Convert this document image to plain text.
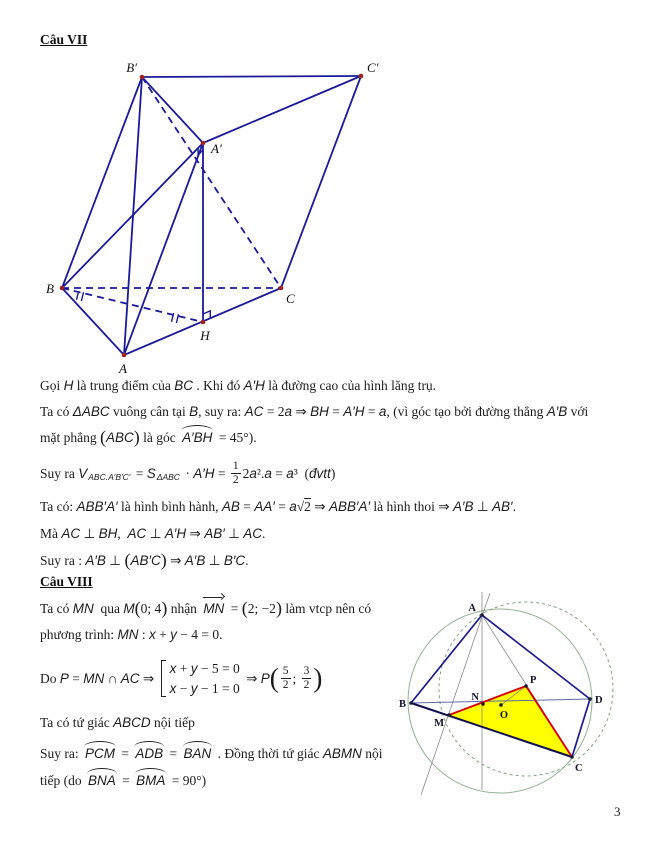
Câu VII
B′	C′
A′
B
C
H
A
Gọi H là trung điểm của BC . Khi đó A′H là đường cao của hình lăng trụ.
Ta có ΔABC vuông cân tại B , suy ra: AC = 2 a ⇒ BH = A′H = a , (vì góc tạo bởi đường thẳng A′B với
mặt phẳng ( ABC ) là góc A′BH = 45°).
Suy ra V ABC.A′B′C′ = S $\Delta ABC \cdot A'H = \frac{1}{2} 2$ a ². a = a ³ ( đvtt )
Ta có: ABB′A′ là hình bình hành, AB = AA′ = a √ 2 ⇒ ABB′A′ là hình thoi ⇒ A′B ⊥ AB′ .
Mà AC ⊥ BH , AC ⊥ A′H ⇒ AB′ ⊥ AC .
Suy ra : A′B ⊥ ( AB′C ) ⇒ A′B ⊥ B′C .
Câu VIII
A
B	D
C
M
N
P
O
Ta có MN qua M ( 0; 4 ) nhận MN = ( 2; −2 ) làm vtcp nên có
phương trình: MN : x + y − 4 = 0.
Do P = MN ∩ AC ⇒
x + y − 5 = 0
x − y − 1 = 0
⇒ P ( $\frac{5}{2}$ ; $\frac{3}{2}$ )
Ta có tứ giác ABCD nội tiếp
Suy ra: PCM = ADB = BAN . Đồng thời tứ giác ABMN nội
tiếp (do BNA = BMA = 90°)
3
